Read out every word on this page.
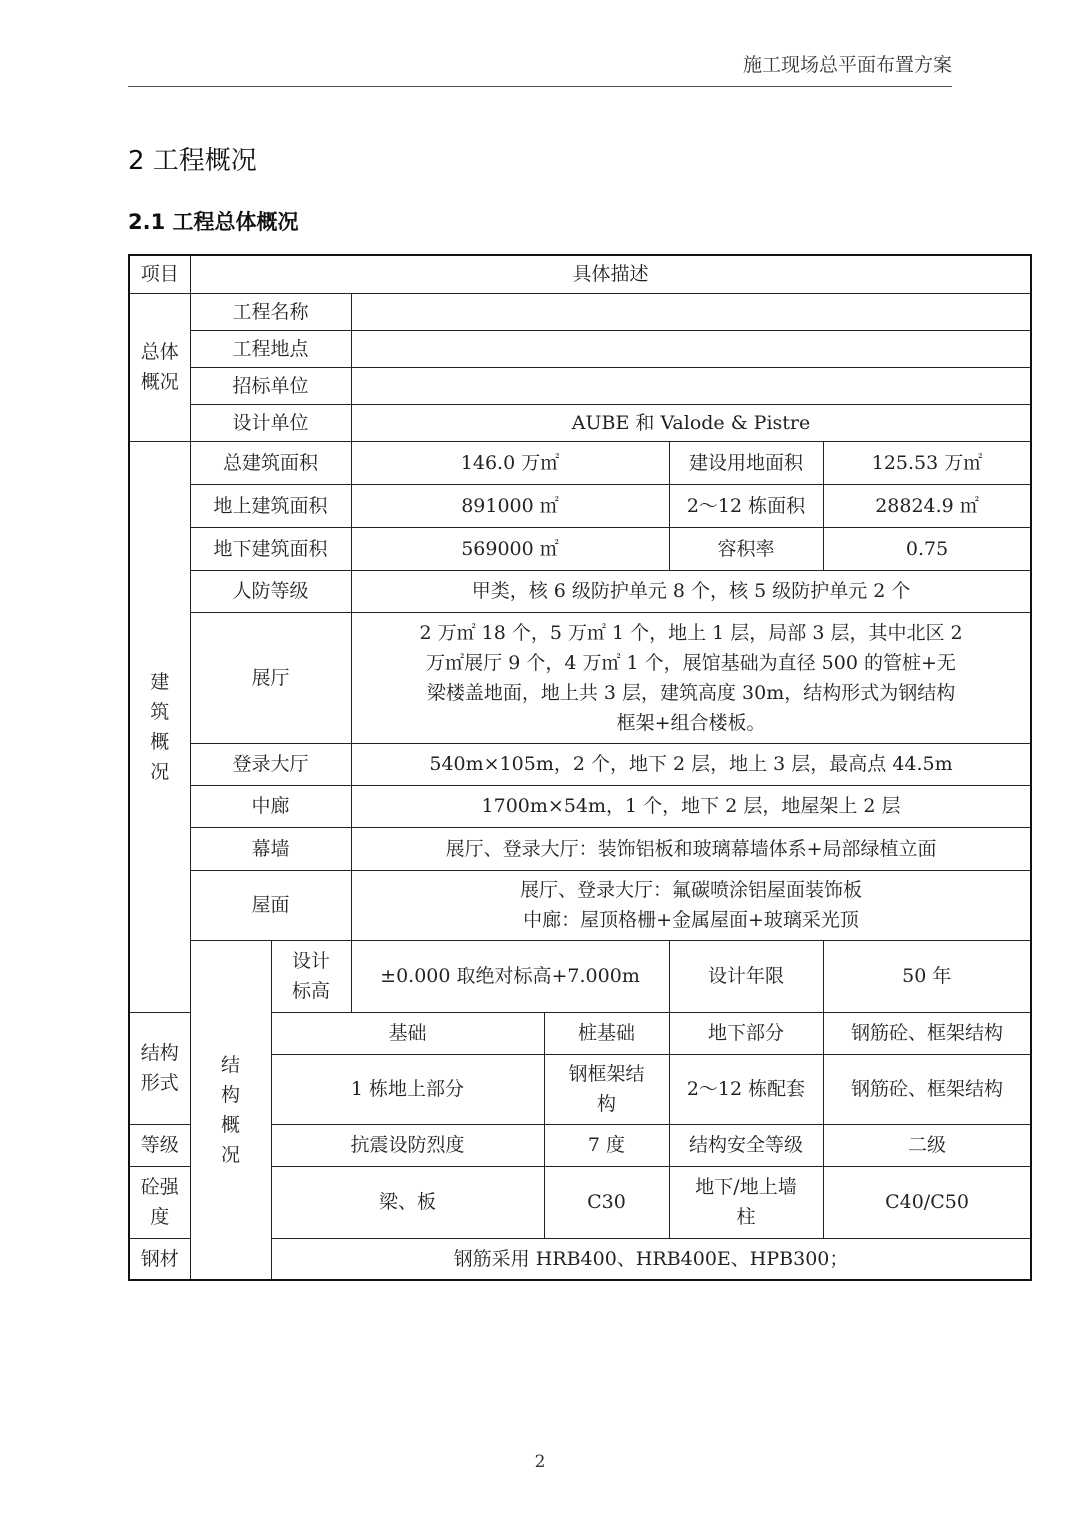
施工现场总平面布置方案
2 工程概况
2.1 工程总体概况
项目	具体描述					

总体
概况	工程名称					
	工程地点					
	招标单位					
	设计单位		AUBE 和 Valode & Pistre			

建
筑
概
况	总建筑面积		146.0 万㎡		建设用地面积	125.53 万㎡
	地上建筑面积		891000 ㎡		2～12 栋面积	28824.9 ㎡
	地下建筑面积		569000 ㎡		容积率	0.75
	人防等级		甲类，核 6 级防护单元 8 个，核 5 级防护单元 2 个			
	展厅		2 万㎡ 18 个，5 万㎡ 1 个，地上 1 层，局部 3 层，其中北区 2
万㎡展厅 9 个，4 万㎡ 1 个，展馆基础为直径 500 的管桩+无
梁楼盖地面，地上共 3 层，建筑高度 30m，结构形式为钢结构
框架+组合楼板。			

	登录大厅		540m×105m，2 个，地下 2 层，地上 3 层，最高点 44.5m			
	中廊		1700m×54m，1 个，地下 2 层，地屋架上 2 层			
	幕墙		展厅、登录大厅：装饰铝板和玻璃幕墙体系+局部绿植立面			
	屋面		展厅、登录大厅：氟碳喷涂铝屋面装饰板
中廊：屋顶格栅+金属屋面+玻璃采光顶			

	结
构
概
况	设计
标高	±0.000 取绝对标高+7.000m		设计年限	50 年

结构
形式		基础		桩基础	地下部分	钢筋砼、框架结构
		1 栋地上部分		钢框架结
构	2～12 栋配套	钢筋砼、框架结构
等级		抗震设防烈度		7 度	结构安全等级	二级

砼强
度		梁、板		C30	地下/地上墙
柱	C40/C50
钢材		钢筋采用 HRB400、HRB400E、HPB300；				
2
